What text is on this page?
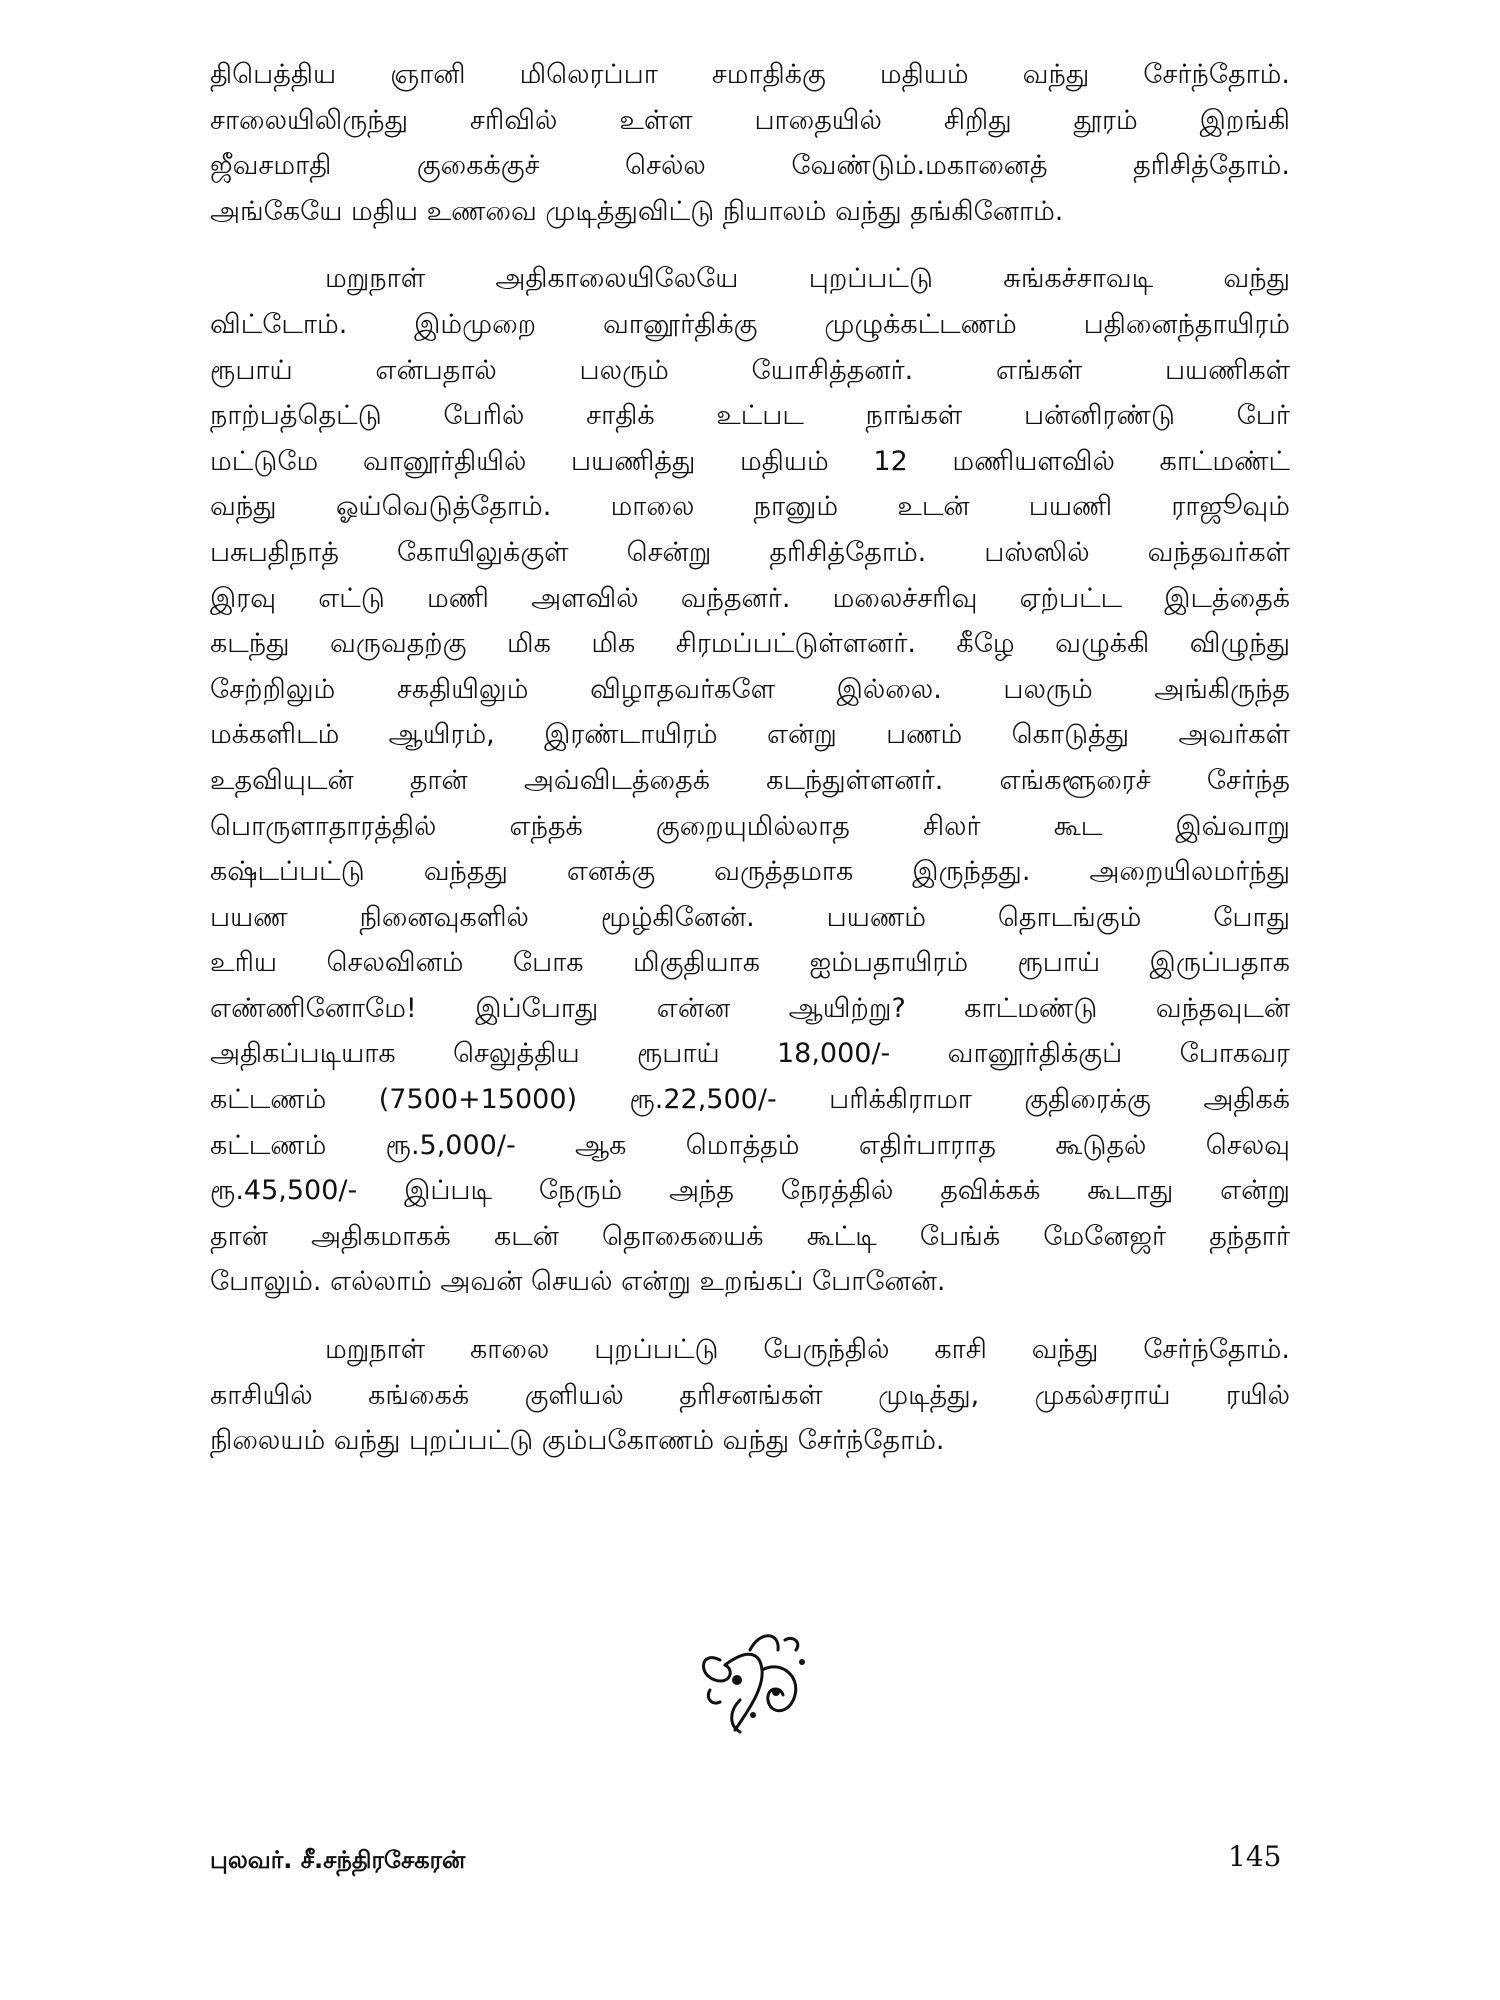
திபெத்திய ஞானி மிலெரப்பா சமாதிக்கு மதியம் வந்து சேர்ந்தோம்.
சாலையிலிருந்து சரிவில் உள்ள பாதையில் சிறிது தூரம் இறங்கி
ஜீவசமாதி குகைக்குச் செல்ல வேண்டும்.மகானைத் தரிசித்தோம்.
அங்கேயே மதிய உணவை முடித்துவிட்டு நியாலம் வந்து தங்கினோம்.
மறுநாள் அதிகாலையிலேயே புறப்பட்டு சுங்கச்சாவடி வந்து
விட்டோம். இம்முறை வானூர்திக்கு முழுக்கட்டணம் பதினைந்தாயிரம்
ரூபாய் என்பதால் பலரும் யோசித்தனர். எங்கள் பயணிகள்
நாற்பத்தெட்டு பேரில் சாதிக் உட்பட நாங்கள் பன்னிரண்டு பேர்
மட்டுமே வானூர்தியில் பயணித்து மதியம் 12 மணியளவில் காட்மண்ட்
வந்து ஓய்வெடுத்தோம். மாலை நானும் உடன் பயணி ராஜூவும்
பசுபதிநாத் கோயிலுக்குள் சென்று தரிசித்தோம். பஸ்ஸில் வந்தவர்கள்
இரவு எட்டு மணி அளவில் வந்தனர். மலைச்சரிவு ஏற்பட்ட இடத்தைக்
கடந்து வருவதற்கு மிக மிக சிரமப்பட்டுள்ளனர். கீழே வழுக்கி விழுந்து
சேற்றிலும் சகதியிலும் விழாதவர்களே இல்லை. பலரும் அங்கிருந்த
மக்களிடம் ஆயிரம், இரண்டாயிரம் என்று பணம் கொடுத்து அவர்கள்
உதவியுடன் தான் அவ்விடத்தைக் கடந்துள்ளனர். எங்களூரைச் சேர்ந்த
பொருளாதாரத்தில் எந்தக் குறையுமில்லாத சிலர் கூட இவ்வாறு
கஷ்டப்பட்டு வந்தது எனக்கு வருத்தமாக இருந்தது. அறையிலமர்ந்து
பயண நினைவுகளில் மூழ்கினேன். பயணம் தொடங்கும் போது
உரிய செலவினம் போக மிகுதியாக ஐம்பதாயிரம் ரூபாய் இருப்பதாக
எண்ணினோமே! இப்போது என்ன ஆயிற்று? காட்மண்டு வந்தவுடன்
அதிகப்படியாக செலுத்திய ரூபாய் 18,000/- வானூர்திக்குப் போகவர
கட்டணம் (7500+15000) ரூ.22,500/- பரிக்கிராமா குதிரைக்கு அதிகக்
கட்டணம் ரூ.5,000/- ஆக மொத்தம் எதிர்பாராத கூடுதல் செலவு
ரூ.45,500/- இப்படி நேரும் அந்த நேரத்தில் தவிக்கக் கூடாது என்று
தான் அதிகமாகக் கடன் தொகையைக் கூட்டி பேங்க் மேனேஜர் தந்தார்
போலும். எல்லாம் அவன் செயல் என்று உறங்கப் போனேன்.
மறுநாள் காலை புறப்பட்டு பேருந்தில் காசி வந்து சேர்ந்தோம்.
காசியில் கங்கைக் குளியல் தரிசனங்கள் முடித்து, முகல்சராய் ரயில்
நிலையம் வந்து புறப்பட்டு கும்பகோணம் வந்து சேர்ந்தோம்.
புலவர். சீ.சந்திரசேகரன்	145
